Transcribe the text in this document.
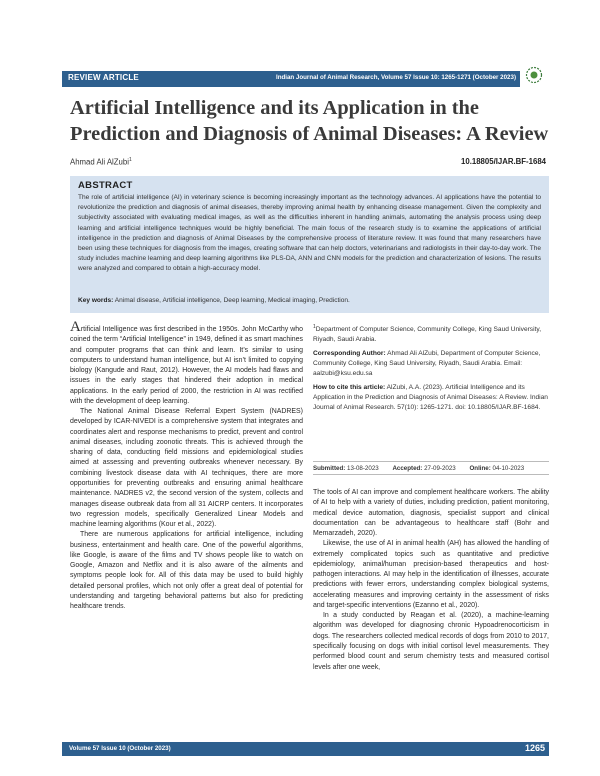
REVIEW ARTICLE	Indian Journal of Animal Research, Volume 57 Issue 10: 1265-1271 (October 2023)
Artificial Intelligence and its Application in the Prediction and Diagnosis of Animal Diseases: A Review
Ahmad Ali AlZubi$^1$	10.18805/IJAR.BF-1684
ABSTRACT
The role of artificial intelligence (AI) in veterinary science is becoming increasingly important as the technology advances. AI applications have the potential to revolutionize the prediction and diagnosis of animal diseases, thereby improving animal health by enhancing disease management. Given the complexity and subjectivity associated with evaluating medical images, as well as the difficulties inherent in handling animals, automating the analysis process using deep learning and artificial intelligence techniques would be highly beneficial. The main focus of the research study is to examine the applications of artificial intelligence in the prediction and diagnosis of Animal Diseases by the comprehensive process of literature review. It was found that many researchers have been using these techniques for diagnosis from the images, creating software that can help doctors, veterinarians and radiologists in their day-to-day work. The study includes machine learning and deep learning algorithms like PLS-DA, ANN and CNN models for the prediction and characterization of lesions. The results were analyzed and compared to obtain a high-accuracy model.
Key words: Animal disease, Artificial intelligence, Deep learning, Medical imaging, Prediction.

Artificial Intelligence was first described in the 1950s. John McCarthy who coined the term “Artificial Intelligence” in 1949, defined it as smart machines and computer programs that can think and learn. It’s similar to using computers to understand human intelligence, but AI isn’t limited to copying biology (Kangude and Raut, 2012). However, the AI models had flaws and issues in the early stages that hindered their adoption in medical applications. In the early period of 2000, the restriction in AI was rectified with the development of deep learning.

The National Animal Disease Referral Expert System (NADRES) developed by ICAR-NIVEDI is a comprehensive system that integrates and coordinates alert and response mechanisms to predict, prevent and control animal diseases, including zoonotic threats. This is achieved through the sharing of data, conducting field missions and epidemiological studies aimed at assessing and preventing outbreaks whenever necessary. By combining livestock disease data with AI techniques, there are more opportunities for preventing outbreaks and ensuring animal healthcare maintenance. NADRES v2, the second version of the system, collects and manages disease outbreak data from all 31 AICRP centers. It incorporates two regression models, specifically Generalized Linear Models and machine learning algorithms (Kour et al., 2022).

There are numerous applications for artificial intelligence, including business, entertainment and health care. One of the powerful algorithms, like Google, is aware of the films and TV shows people like to watch on Google, Amazon and Netflix and it is also aware of the ailments and symptoms people look for. All of this data may be used to build highly detailed personal profiles, which not only offer a great deal of potential for understanding and targeting behavioral patterns but also for predicting healthcare trends.

$^1$Department of Computer Science, Community College, King Saud University, Riyadh, Saudi Arabia.

Corresponding Author: Ahmad Ali AlZubi, Department of Computer Science, Community College, King Saud University, Riyadh, Saudi Arabia. Email: aalzubi@ksu.edu.sa

How to cite this article: AlZubi, A.A. (2023). Artificial Intelligence and its Application in the Prediction and Diagnosis of Animal Diseases: A Review. Indian Journal of Animal Research. 57(10): 1265-1271. doi: 10.18805/IJAR.BF-1684.

Submitted: 13-08-2023 Accepted: 27-09-2023 Online: 04-10-2023

The tools of AI can improve and complement healthcare workers. The ability of AI to help with a variety of duties, including prediction, patient monitoring, medical device automation, diagnosis, specialist support and clinical documentation can be advantageous to healthcare staff (Bohr and Memarzadeh, 2020).

Likewise, the use of AI in animal health (AH) has allowed the handling of extremely complicated topics such as quantitative and predictive epidemiology, animal/human precision-based therapeutics and host-pathogen interactions. AI may help in the identification of illnesses, accurate predictions with fewer errors, understanding complex biological systems, accelerating measures and improving certainty in the assessment of risks and target-specific interventions (Ezanno et al., 2020).

In a study conducted by Reagan et al. (2020), a machine-learning algorithm was developed for diagnosing chronic Hypoadrenocorticism in dogs. The researchers collected medical records of dogs from 2010 to 2017, specifically focusing on dogs with initial cortisol level measurements. They performed blood count and serum chemistry tests and measured cortisol levels after one week,

Volume 57 Issue 10 (October 2023)	1265
